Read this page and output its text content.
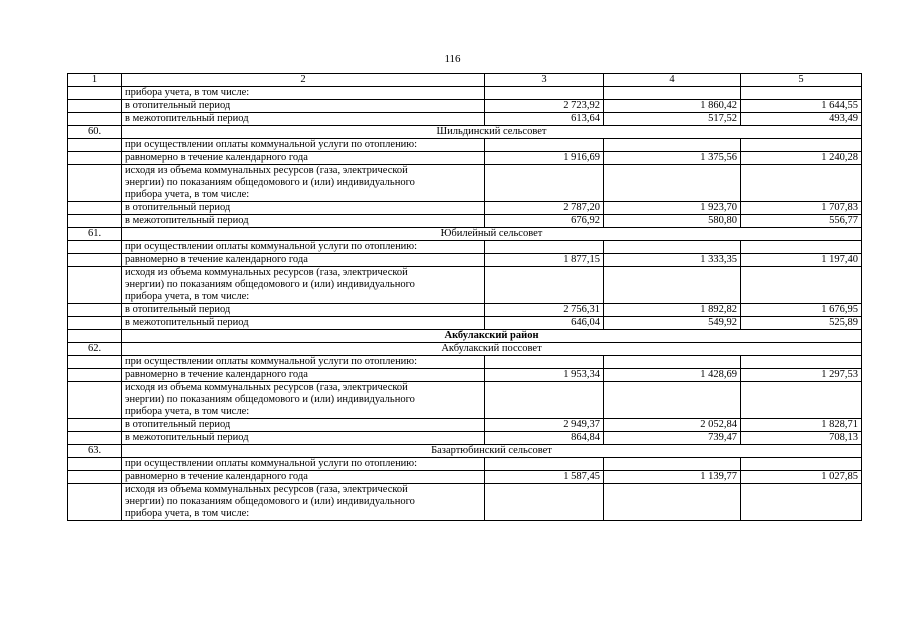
116
1	2	3	4	5
	прибора учета, в том числе:			
	в отопительный период	2 723,92	1 860,42	1 644,55
	в межотопительный период	613,64	517,52	493,49
60.	Шильдинский сельсовет			
	при осуществлении оплаты коммунальной услуги по отоплению:			
	равномерно в течение календарного года	1 916,69	1 375,56	1 240,28

	исходя из объема коммунальных ресурсов (газа, электрической
энергии) по показаниям общедомового и (или) индивидуального
прибора учета, в том числе:			

	в отопительный период	2 787,20	1 923,70	1 707,83
	в межотопительный период	676,92	580,80	556,77
61.	Юбилейный сельсовет			
	при осуществлении оплаты коммунальной услуги по отоплению:			
	равномерно в течение календарного года	1 877,15	1 333,35	1 197,40

	исходя из объема коммунальных ресурсов (газа, электрической
энергии) по показаниям общедомового и (или) индивидуального
прибора учета, в том числе:			

	в отопительный период	2 756,31	1 892,82	1 676,95
	в межотопительный период	646,04	549,92	525,89
	Акбулакский район			
62.	Акбулакский поссовет			
	при осуществлении оплаты коммунальной услуги по отоплению:			
	равномерно в течение календарного года	1 953,34	1 428,69	1 297,53

	исходя из объема коммунальных ресурсов (газа, электрической
энергии) по показаниям общедомового и (или) индивидуального
прибора учета, в том числе:			

	в отопительный период	2 949,37	2 052,84	1 828,71
	в межотопительный период	864,84	739,47	708,13
63.	Базартюбинский сельсовет			
	при осуществлении оплаты коммунальной услуги по отоплению:			
	равномерно в течение календарного года	1 587,45	1 139,77	1 027,85

	исходя из объема коммунальных ресурсов (газа, электрической
энергии) по показаниям общедомового и (или) индивидуального
прибора учета, в том числе:			
